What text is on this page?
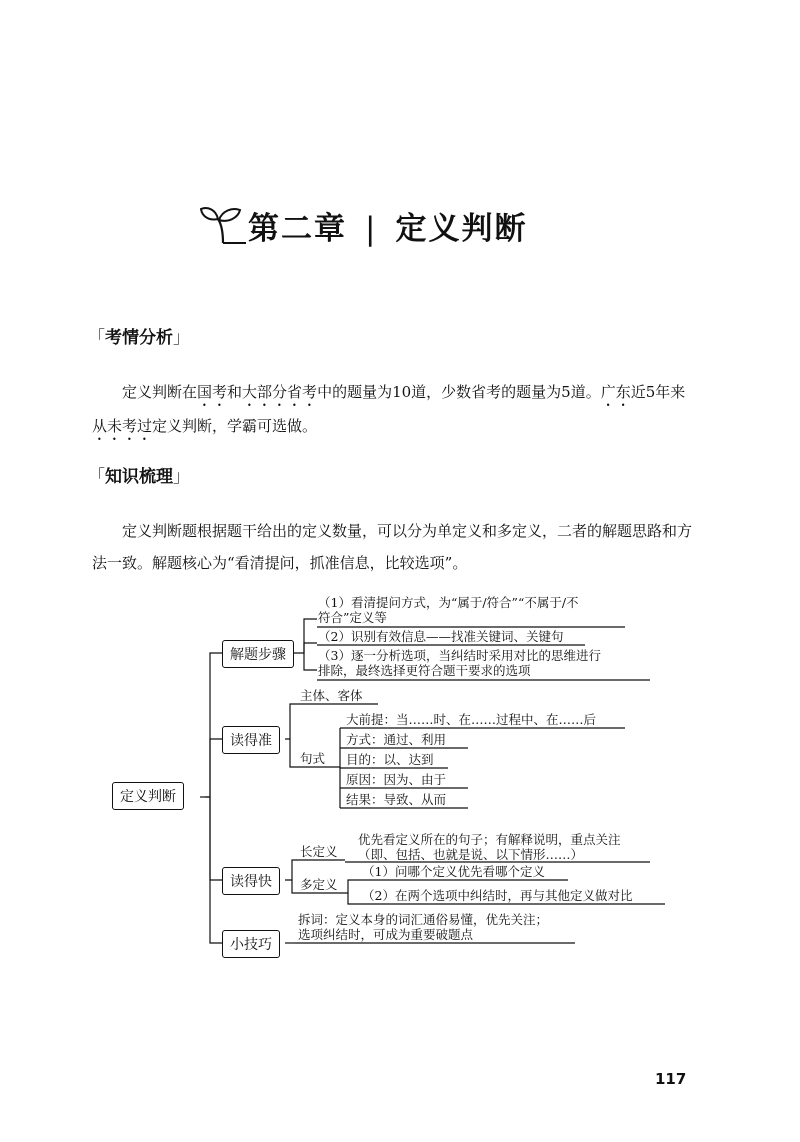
第二章 | 定义判断
「考情分析」

定义判断在国考和大部分省考中的题量为10道，少数省考的题量为5道。广东近5年来从未考过定义判断，学霸可选做。

「知识梳理」

定义判断题根据题干给出的定义数量，可以分为单定义和多定义，二者的解题思路和方法一致。解题核心为“看清提问，抓准信息，比较选项”。

定义判断
解题步骤
读得准
读得快
小技巧
（1）看清提问方式，为“属于/符合”“不属于/不
符合”定义等
（2）识别有效信息——找准关键词、关键句
（3）逐一分析选项，当纠结时采用对比的思维进行
排除，最终选择更符合题干要求的选项
主体、客体
句式
大前提：当……时、在……过程中、在……后
方式：通过、利用
目的：以、达到
原因：因为、由于
结果：导致、从而
长定义
优先看定义所在的句子；有解释说明，重点关注
（即、包括、也就是说、以下情形……）
多定义
（1）问哪个定义优先看哪个定义
（2）在两个选项中纠结时，再与其他定义做对比
拆词：定义本身的词汇通俗易懂，优先关注；
选项纠结时，可成为重要破题点
117
